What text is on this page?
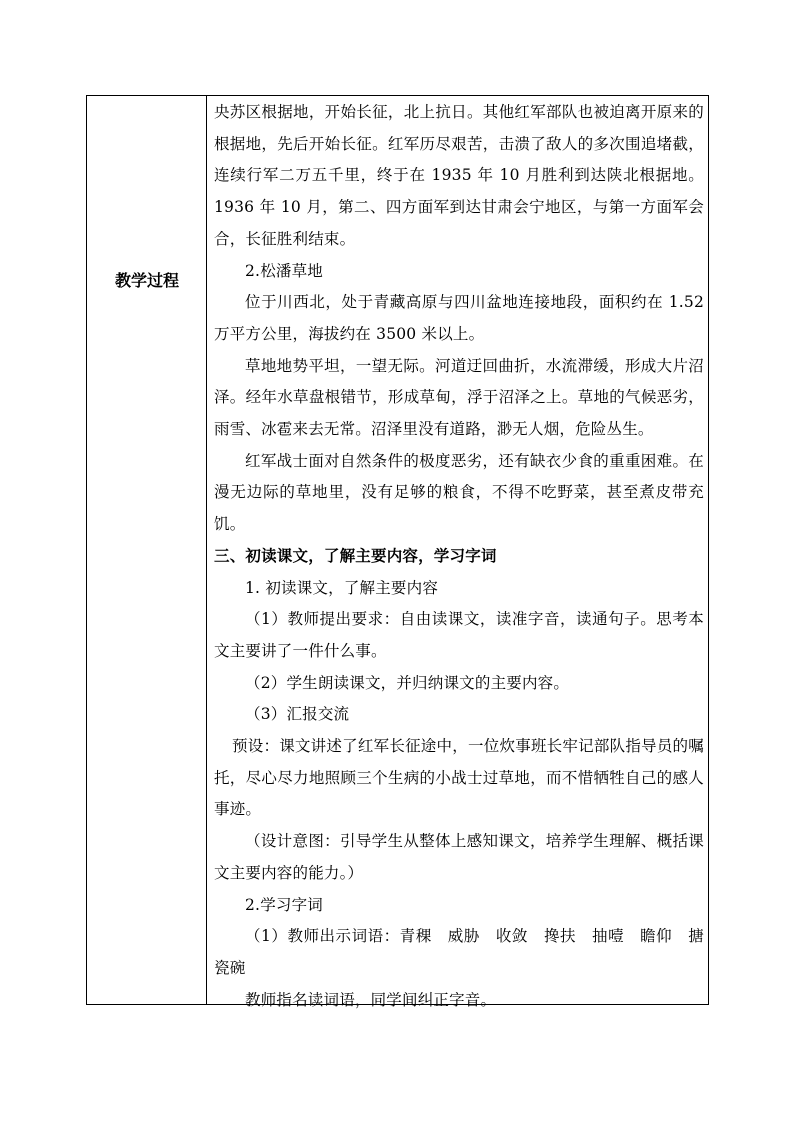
教学过程

央苏区根据地，开始长征，北上抗日。其他红军部队也被迫离开原来的根据地，先后开始长征。红军历尽艰苦，击溃了敌人的多次围追堵截，连续行军二万五千里，终于在 1935 年 10 月胜利到达陕北根据地。1936 年 10 月，第二、四方面军到达甘肃会宁地区，与第一方面军会合，长征胜利结束。

2.松潘草地

位于川西北，处于青藏高原与四川盆地连接地段，面积约在 1.52 万平方公里，海拔约在 3500 米以上。

草地地势平坦，一望无际。河道迂回曲折，水流滞缓，形成大片沼泽。经年水草盘根错节，形成草甸，浮于沼泽之上。草地的气候恶劣，雨雪、冰雹来去无常。沼泽里没有道路，渺无人烟，危险丛生。

红军战士面对自然条件的极度恶劣，还有缺衣少食的重重困难。在漫无边际的草地里，没有足够的粮食，不得不吃野菜，甚至煮皮带充饥。

三、初读课文，了解主要内容，学习字词

1. 初读课文，了解主要内容

（1）教师提出要求：自由读课文，读准字音，读通句子。思考本文主要讲了一件什么事。

（2）学生朗读课文，并归纳课文的主要内容。

（3）汇报交流

预设：课文讲述了红军长征途中，一位炊事班长牢记部队指导员的嘱托，尽心尽力地照顾三个生病的小战士过草地，而不惜牺牲自己的感人事迹。

（设计意图：引导学生从整体上感知课文，培养学生理解、概括课文主要内容的能力。）

2.学习字词

（1）教师出示词语：青稞　 威胁　 收敛　 搀扶　 抽噎　 瞻仰　 搪瓷碗

教师指名读词语，同学间纠正字音。
